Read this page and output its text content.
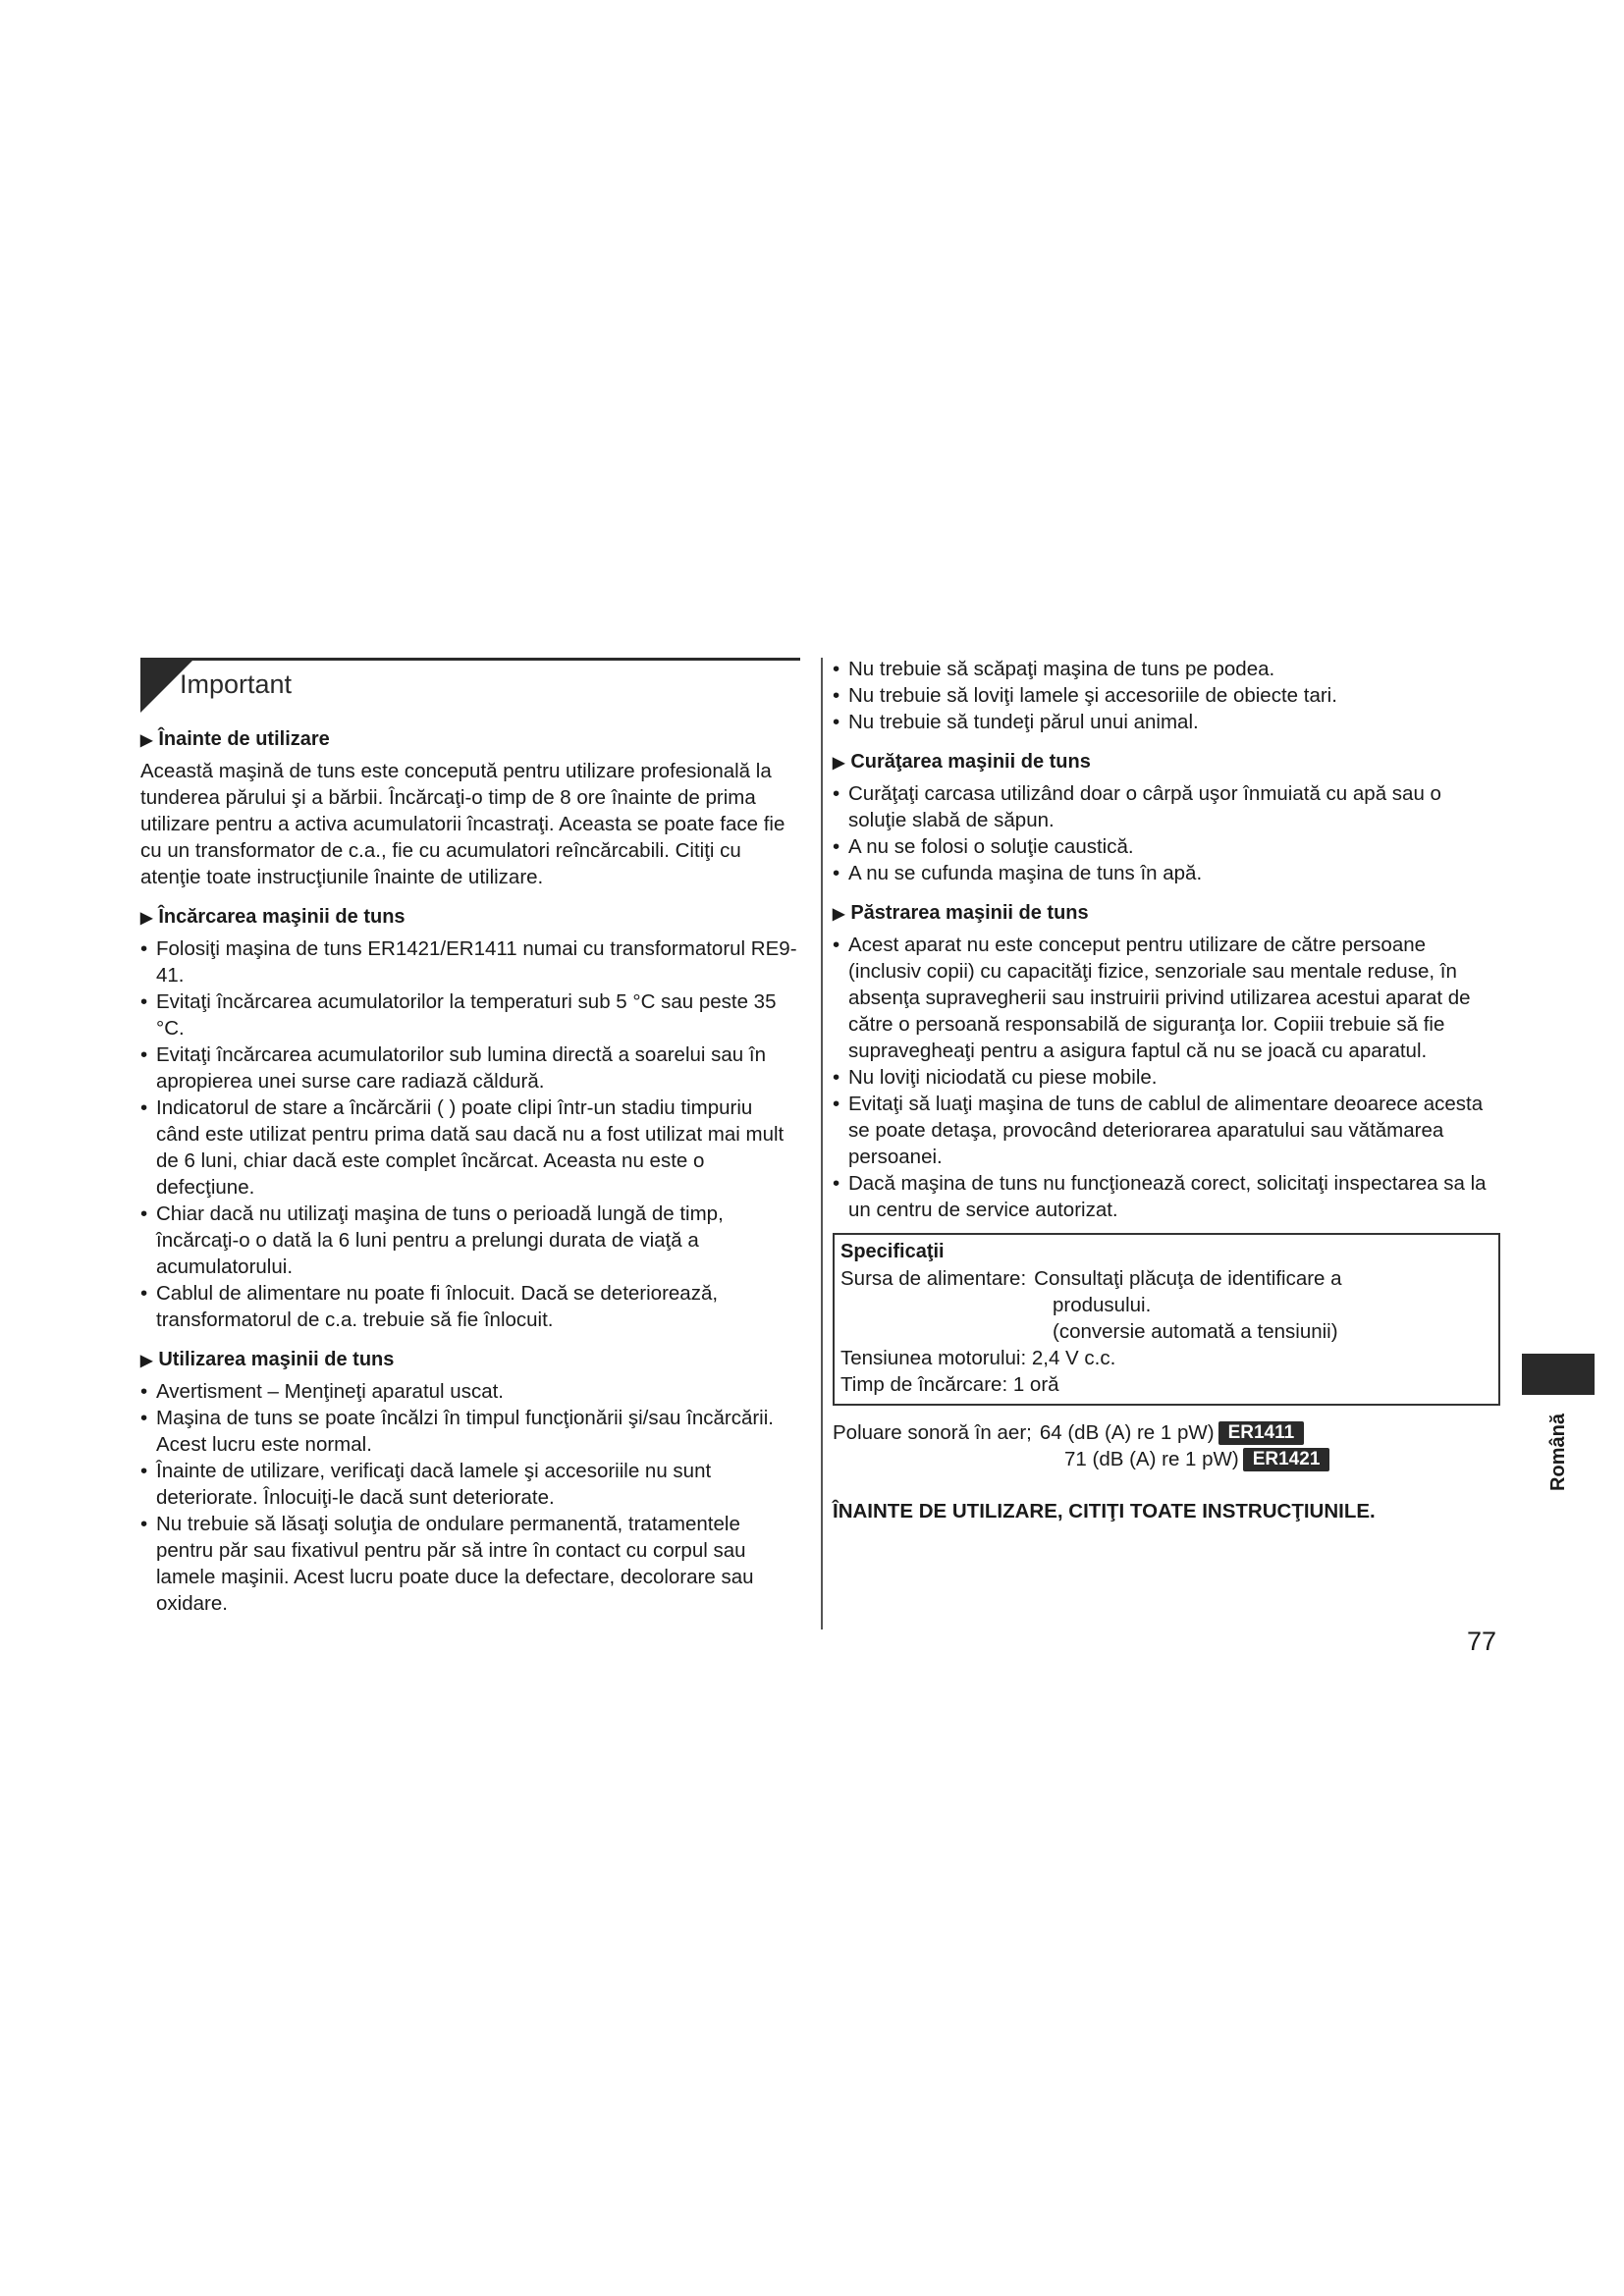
Important
▶ Înainte de utilizare

Această maşină de tuns este concepută pentru utilizare profesională la tunderea părului şi a bărbii. Încărcaţi-o timp de 8 ore înainte de prima utilizare pentru a activa acumulatorii încastraţi. Aceasta se poate face fie cu un transformator de c.a., fie cu acumulatori reîncărcabili. Citiţi cu atenţie toate instrucţiunile înainte de utilizare.

▶ Încărcarea maşinii de tuns
• Folosiţi maşina de tuns ER1421/ER1411 numai cu transformatorul RE9-41.
• Evitaţi încărcarea acumulatorilor la temperaturi sub 5 °C sau peste 35 °C.
• Evitaţi încărcarea acumulatorilor sub lumina directă a soarelui sau în apropierea unei surse care radiază căldură.
• Indicatorul de stare a încărcării ( ) poate clipi într-un stadiu timpuriu când este utilizat pentru prima dată sau dacă nu a fost utilizat mai mult de 6 luni, chiar dacă este complet încărcat. Aceasta nu este o defecţiune.
• Chiar dacă nu utilizaţi maşina de tuns o perioadă lungă de timp, încărcaţi-o o dată la 6 luni pentru a prelungi durata de viaţă a acumulatorului.
• Cablul de alimentare nu poate fi înlocuit. Dacă se deteriorează, transformatorul de c.a. trebuie să fie înlocuit.
▶ Utilizarea maşinii de tuns
• Avertisment – Menţineţi aparatul uscat.
• Maşina de tuns se poate încălzi în timpul funcţionării şi/sau încărcării. Acest lucru este normal.
• Înainte de utilizare, verificaţi dacă lamele şi accesoriile nu sunt deteriorate. Înlocuiţi-le dacă sunt deteriorate.
• Nu trebuie să lăsaţi soluţia de ondulare permanentă, tratamentele pentru păr sau fixativul pentru păr să intre în contact cu corpul sau lamele maşinii. Acest lucru poate duce la defectare, decolorare sau oxidare.
• Nu trebuie să scăpaţi maşina de tuns pe podea.
• Nu trebuie să loviţi lamele şi accesoriile de obiecte tari.
• Nu trebuie să tundeţi părul unui animal.
▶ Curăţarea maşinii de tuns
• Curăţaţi carcasa utilizând doar o cârpă uşor înmuiată cu apă sau o soluţie slabă de săpun.
• A nu se folosi o soluţie caustică.
• A nu se cufunda maşina de tuns în apă.
▶ Păstrarea maşinii de tuns
• Acest aparat nu este conceput pentru utilizare de către persoane (inclusiv copii) cu capacităţi fizice, senzoriale sau mentale reduse, în absenţa supravegherii sau instruirii privind utilizarea acestui aparat de către o persoană responsabilă de siguranţa lor. Copiii trebuie să fie supravegheaţi pentru a asigura faptul că nu se joacă cu aparatul.
• Nu loviţi niciodată cu piese mobile.
• Evitaţi să luaţi maşina de tuns de cablul de alimentare deoarece acesta se poate detaşa, provocând deteriorarea aparatului sau vătămarea persoanei.
• Dacă maşina de tuns nu funcţionează corect, solicitaţi inspectarea sa la un centru de service autorizat.
Specificaţii
Sursa de alimentare: Consultaţi plăcuţa de identificare a
produsului.
(conversie automată a tensiunii)
Tensiunea motorului: 2,4 V c.c.
Timp de încărcare: 1 oră
Poluare sonoră în aer; 64 (dB (A) re 1 pW) ER1411
71 (dB (A) re 1 pW) ER1421
ÎNAINTE DE UTILIZARE, CITIŢI TOATE INSTRUCŢIUNILE.
Română
77
